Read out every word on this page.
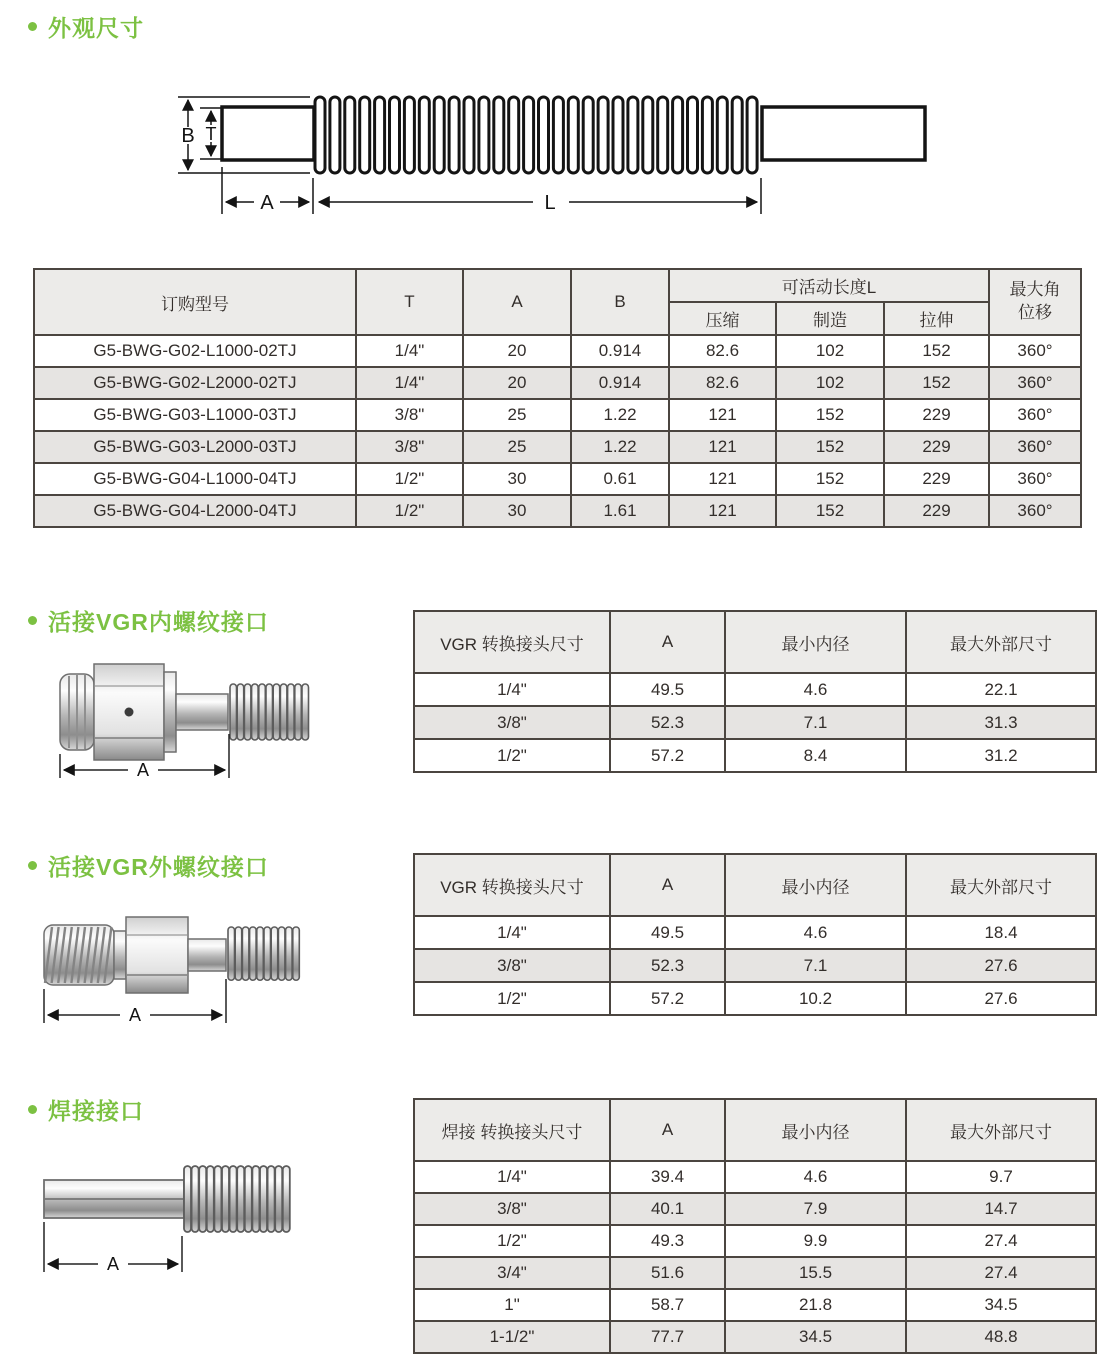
外观尺寸
B T
A	L
订购型号	T	A	B	可活动长度L			最大角位移
				压缩	制造	拉伸	
G5-BWG-G02-L1000-02TJ	1/4"	20	0.914	82.6	102	152	360°
G5-BWG-G02-L2000-02TJ	1/4"	20	0.914	82.6	102	152	360°
G5-BWG-G03-L1000-03TJ	3/8"	25	1.22	121	152	229	360°
G5-BWG-G03-L2000-03TJ	3/8"	25	1.22	121	152	229	360°
G5-BWG-G04-L1000-04TJ	1/2"	30	0.61	121	152	229	360°
G5-BWG-G04-L2000-04TJ	1/2"	30	1.61	121	152	229	360°
活接VGR内螺纹接口
A
VGR 转换接头尺寸	A	最小内径	最大外部尺寸
1/4"	49.5	4.6	22.1
3/8"	52.3	7.1	31.3
1/2"	57.2	8.4	31.2
活接VGR外螺纹接口
A
VGR 转换接头尺寸	A	最小内径	最大外部尺寸
1/4"	49.5	4.6	18.4
3/8"	52.3	7.1	27.6
1/2"	57.2	10.2	27.6
焊接接口
A
焊接 转换接头尺寸	A	最小内径	最大外部尺寸
1/4"	39.4	4.6	9.7
3/8"	40.1	7.9	14.7
1/2"	49.3	9.9	27.4
3/4"	51.6	15.5	27.4
1"	58.7	21.8	34.5
1-1/2"	77.7	34.5	48.8
